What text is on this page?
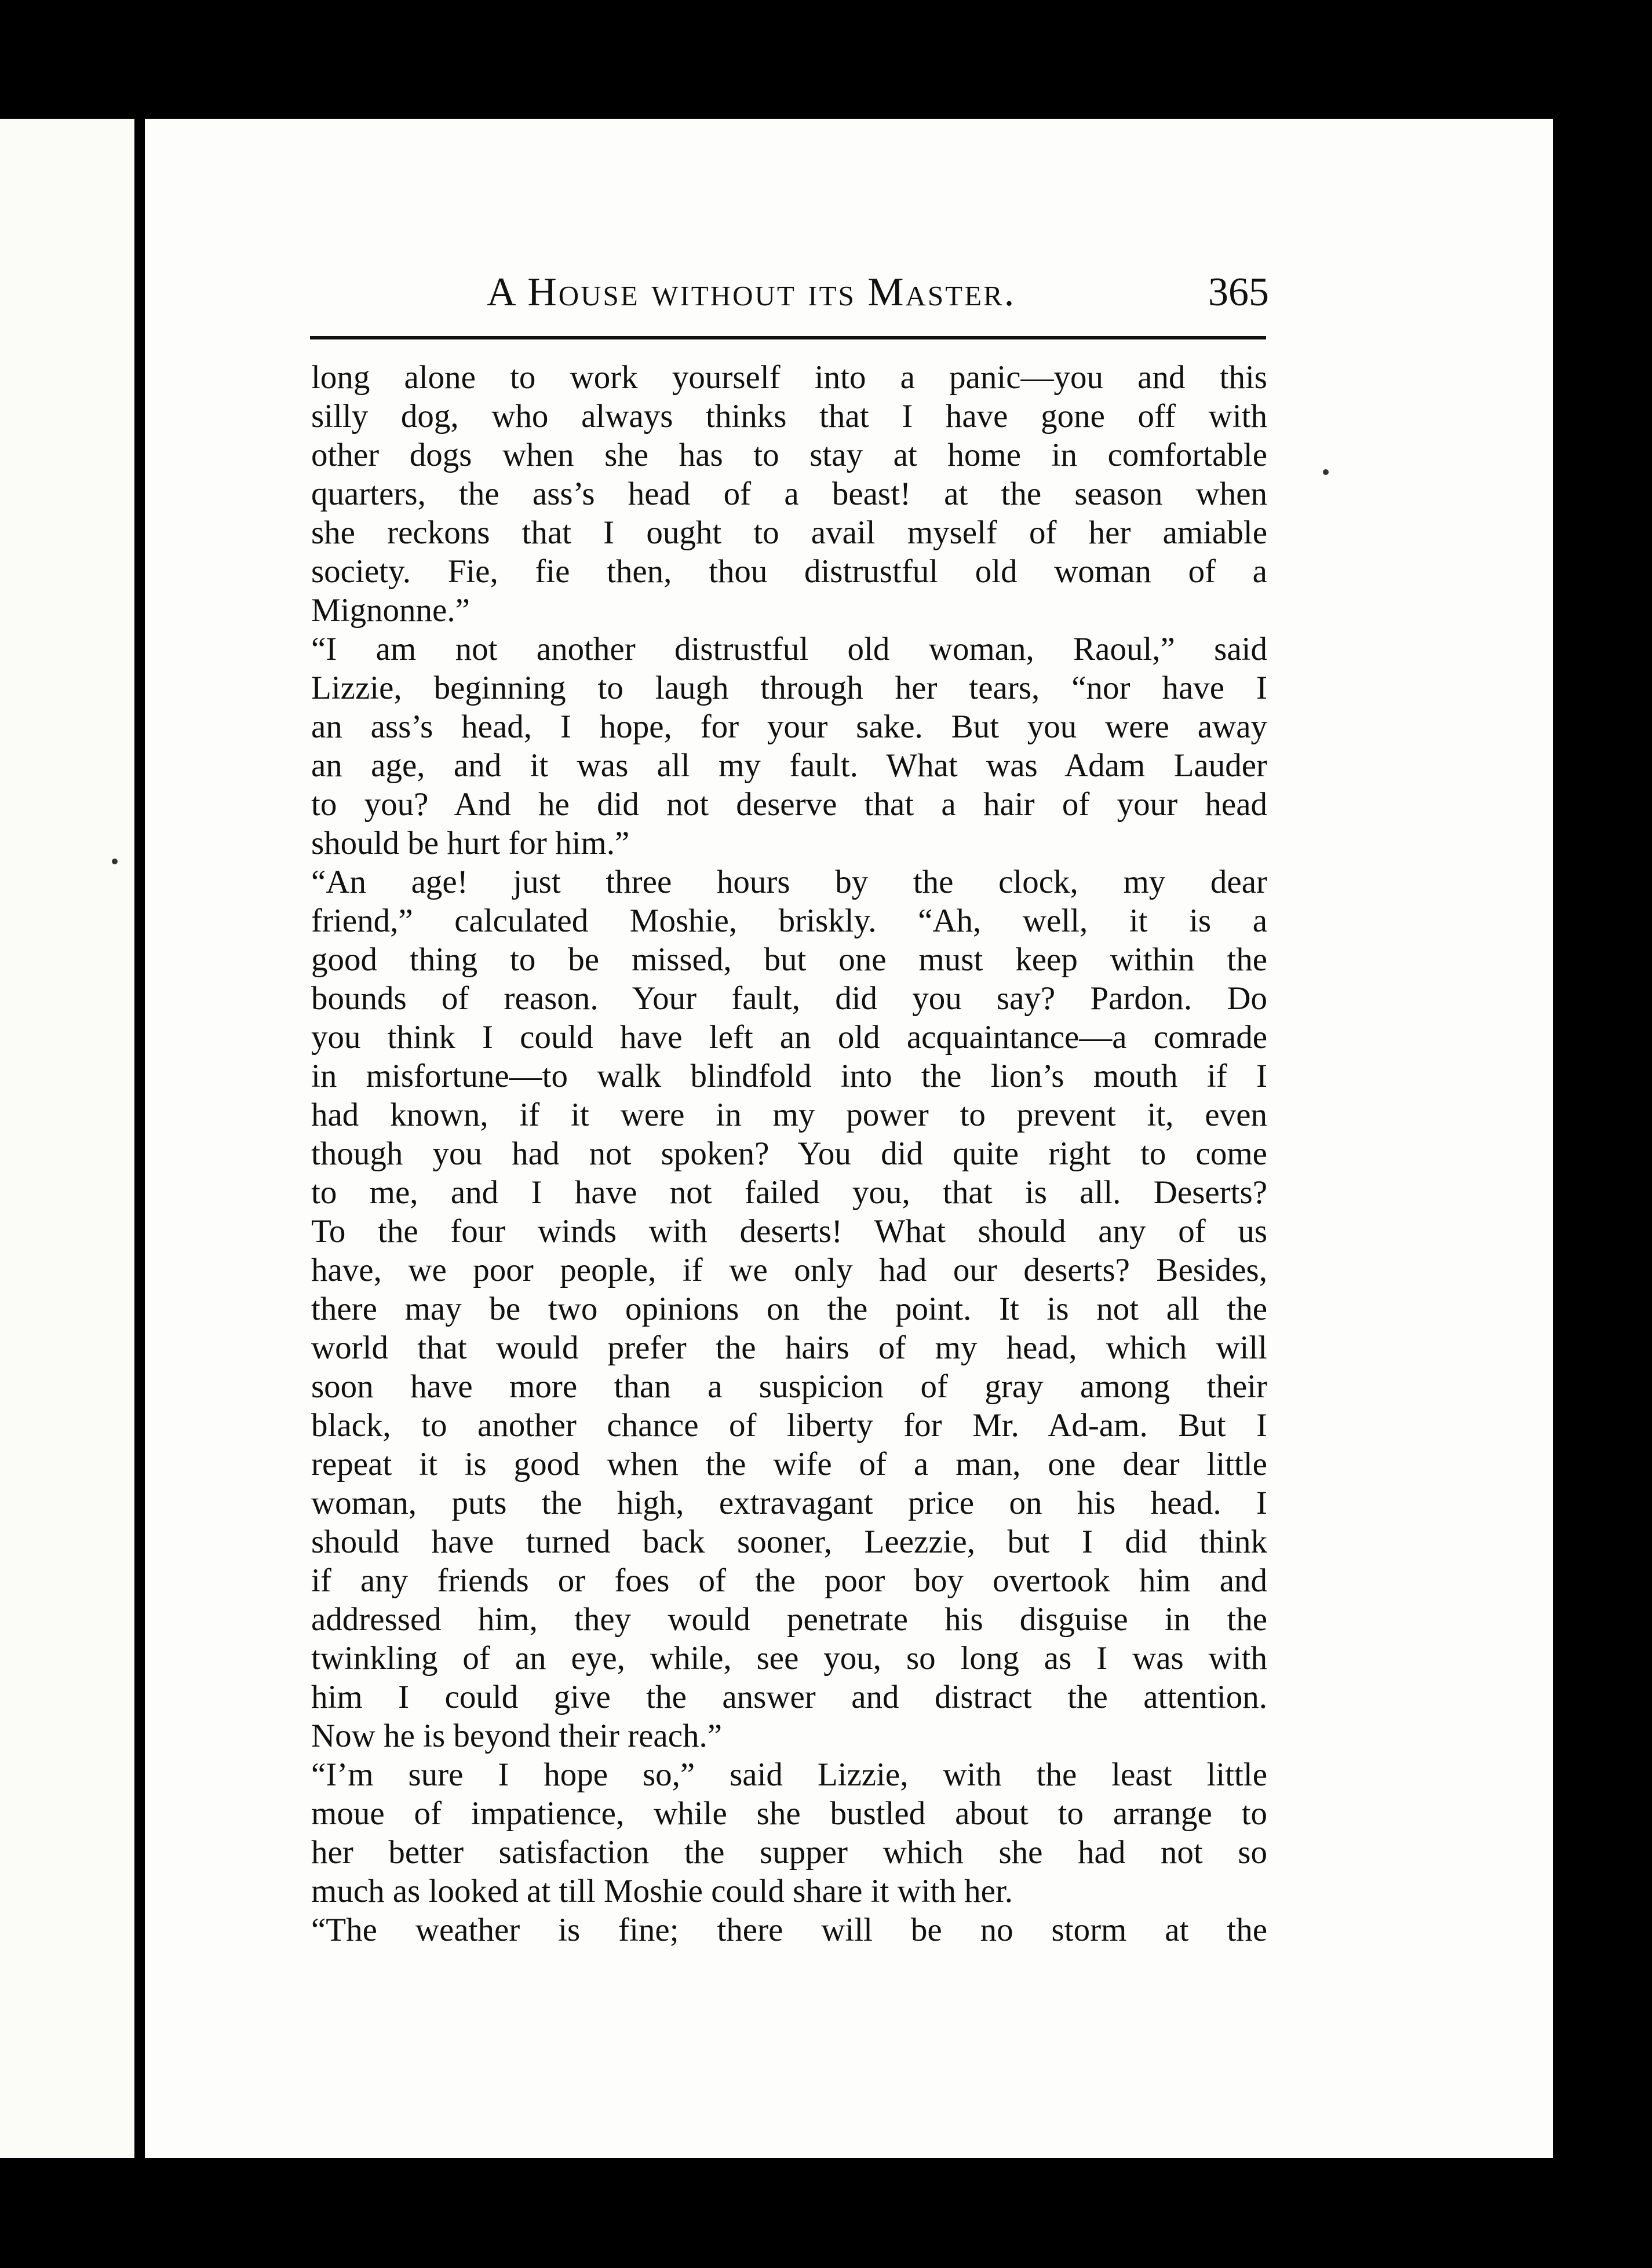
A House without its Master.	365
long alone to work yourself into a panic—you and this
silly dog, who always thinks that I have gone off with
other dogs when she has to stay at home in comfortable
quarters, the ass’s head of a beast! at the season when
she reckons that I ought to avail myself of her amiable
society. Fie, fie then, thou distrustful old woman of a
Mignonne.”
“I am not another distrustful old woman, Raoul,” said
Lizzie, beginning to laugh through her tears, “nor have I
an ass’s head, I hope, for your sake. But you were away
an age, and it was all my fault. What was Adam Lauder
to you? And he did not deserve that a hair of your head
should be hurt for him.”
“An age! just three hours by the clock, my dear
friend,” calculated Moshie, briskly. “Ah, well, it is a
good thing to be missed, but one must keep within the
bounds of reason. Your fault, did you say? Pardon. Do
you think I could have left an old acquaintance—a comrade
in misfortune—to walk blindfold into the lion’s mouth if I
had known, if it were in my power to prevent it, even
though you had not spoken? You did quite right to come
to me, and I have not failed you, that is all. Deserts?
To the four winds with deserts! What should any of us
have, we poor people, if we only had our deserts? Besides,
there may be two opinions on the point. It is not all the
world that would prefer the hairs of my head, which will
soon have more than a suspicion of gray among their
black, to another chance of liberty for Mr. Ad-am. But I
repeat it is good when the wife of a man, one dear little
woman, puts the high, extravagant price on his head. I
should have turned back sooner, Leezzie, but I did think
if any friends or foes of the poor boy overtook him and
addressed him, they would penetrate his disguise in the
twinkling of an eye, while, see you, so long as I was with
him I could give the answer and distract the attention.
Now he is beyond their reach.”
“I’m sure I hope so,” said Lizzie, with the least little
moue of impatience, while she bustled about to arrange to
her better satisfaction the supper which she had not so
much as looked at till Moshie could share it with her.
“The weather is fine; there will be no storm at the
